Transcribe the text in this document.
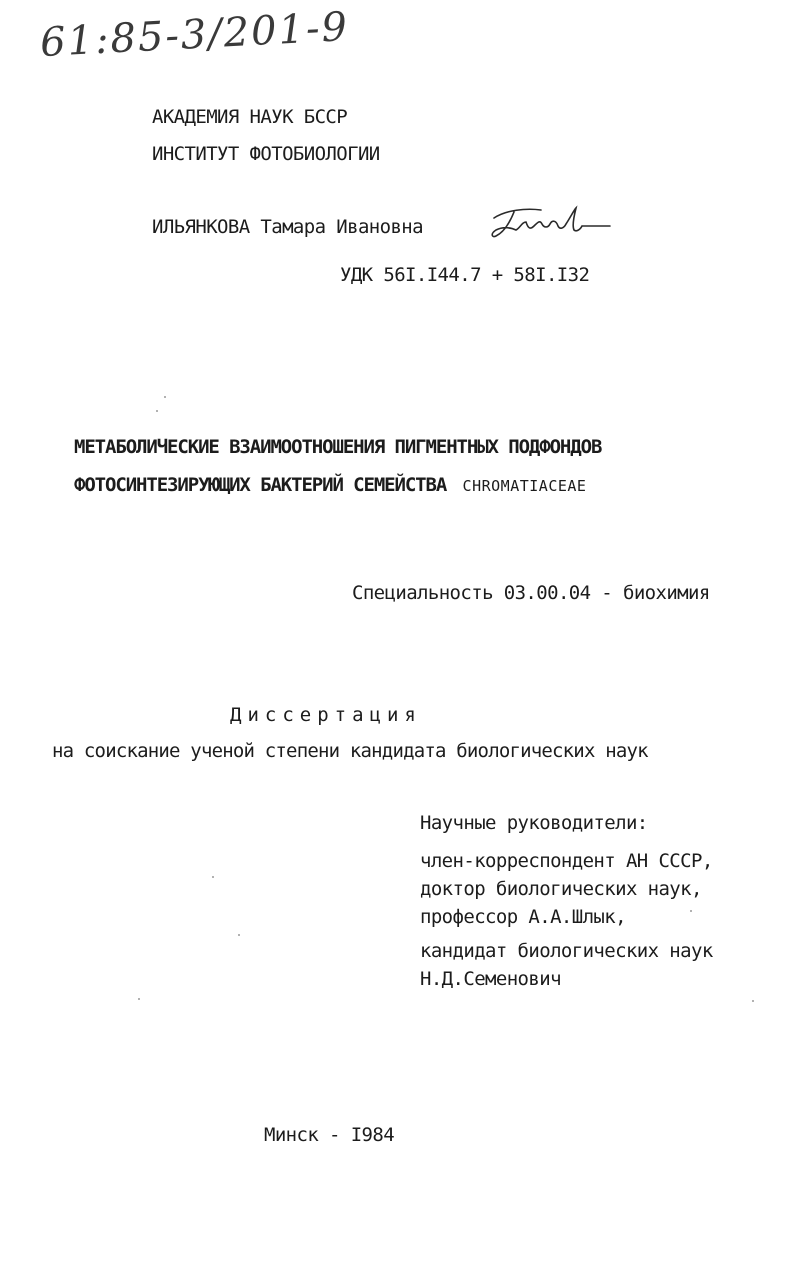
61:85-3/201-9
АКАДЕМИЯ НАУК БССР
ИНСТИТУТ ФОТОБИОЛОГИИ
ИЛЬЯНКОВА Тамара Ивановна
УДК 56I.I44.7 + 58I.I32
МЕТАБОЛИЧЕСКИЕ ВЗАИМООТНОШЕНИЯ ПИГМЕНТНЫХ ПОДФОНДОВ
ФОТОСИНТЕЗИРУЮЩИХ БАКТЕРИЙ СЕМЕЙСТВА CHROMATIACEAE
Специальность 03.00.04 - биохимия
Диссертация
на соискание ученой степени кандидата биологических наук
Научные руководители:
член-корреспондент АН СССР,
доктор биологических наук,
профессор А.А.Шлык,
кандидат биологических наук
Н.Д.Семенович
Минск - I984
